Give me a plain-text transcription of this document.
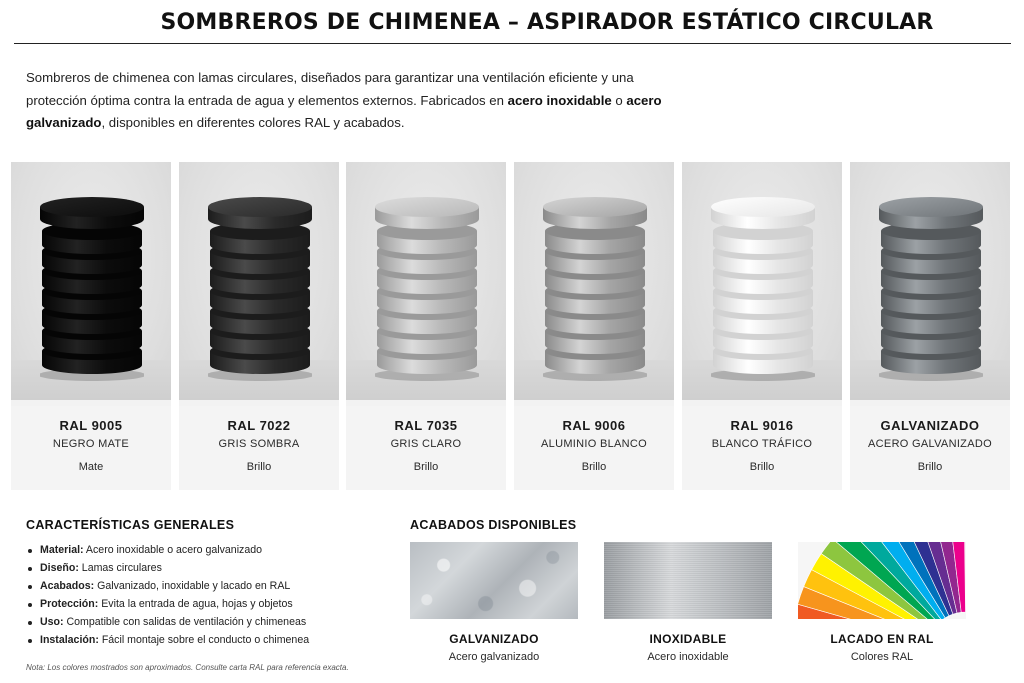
SOMBREROS DE CHIMENEA – ASPIRADOR ESTÁTICO CIRCULAR

Sombreros de chimenea con lamas circulares, diseñados para garantizar una ventilación eficiente y una protección óptima contra la entrada de agua y elementos externos. Fabricados en acero inoxidable o acero galvanizado, disponibles en diferentes colores RAL y acabados.

RAL 9005
NEGRO MATE
Mate
RAL 7022
GRIS SOMBRA
Brillo
RAL 7035
GRIS CLARO
Brillo
RAL 9006
ALUMINIO BLANCO
Brillo
RAL 9016
BLANCO TRÁFICO
Brillo
GALVANIZADO
ACERO GALVANIZADO
Brillo
CARACTERÍSTICAS GENERALES
Material: Acero inoxidable o acero galvanizado
Diseño: Lamas circulares
Acabados: Galvanizado, inoxidable y lacado en RAL
Protección: Evita la entrada de agua, hojas y objetos
Uso: Compatible con salidas de ventilación y chimeneas
Instalación: Fácil montaje sobre el conducto o chimenea
ACABADOS DISPONIBLES
GALVANIZADO
Acero galvanizado
INOXIDABLE
Acero inoxidable
LACADO EN RAL
Colores RAL
Nota: Los colores mostrados son aproximados. Consulte carta RAL para referencia exacta.
